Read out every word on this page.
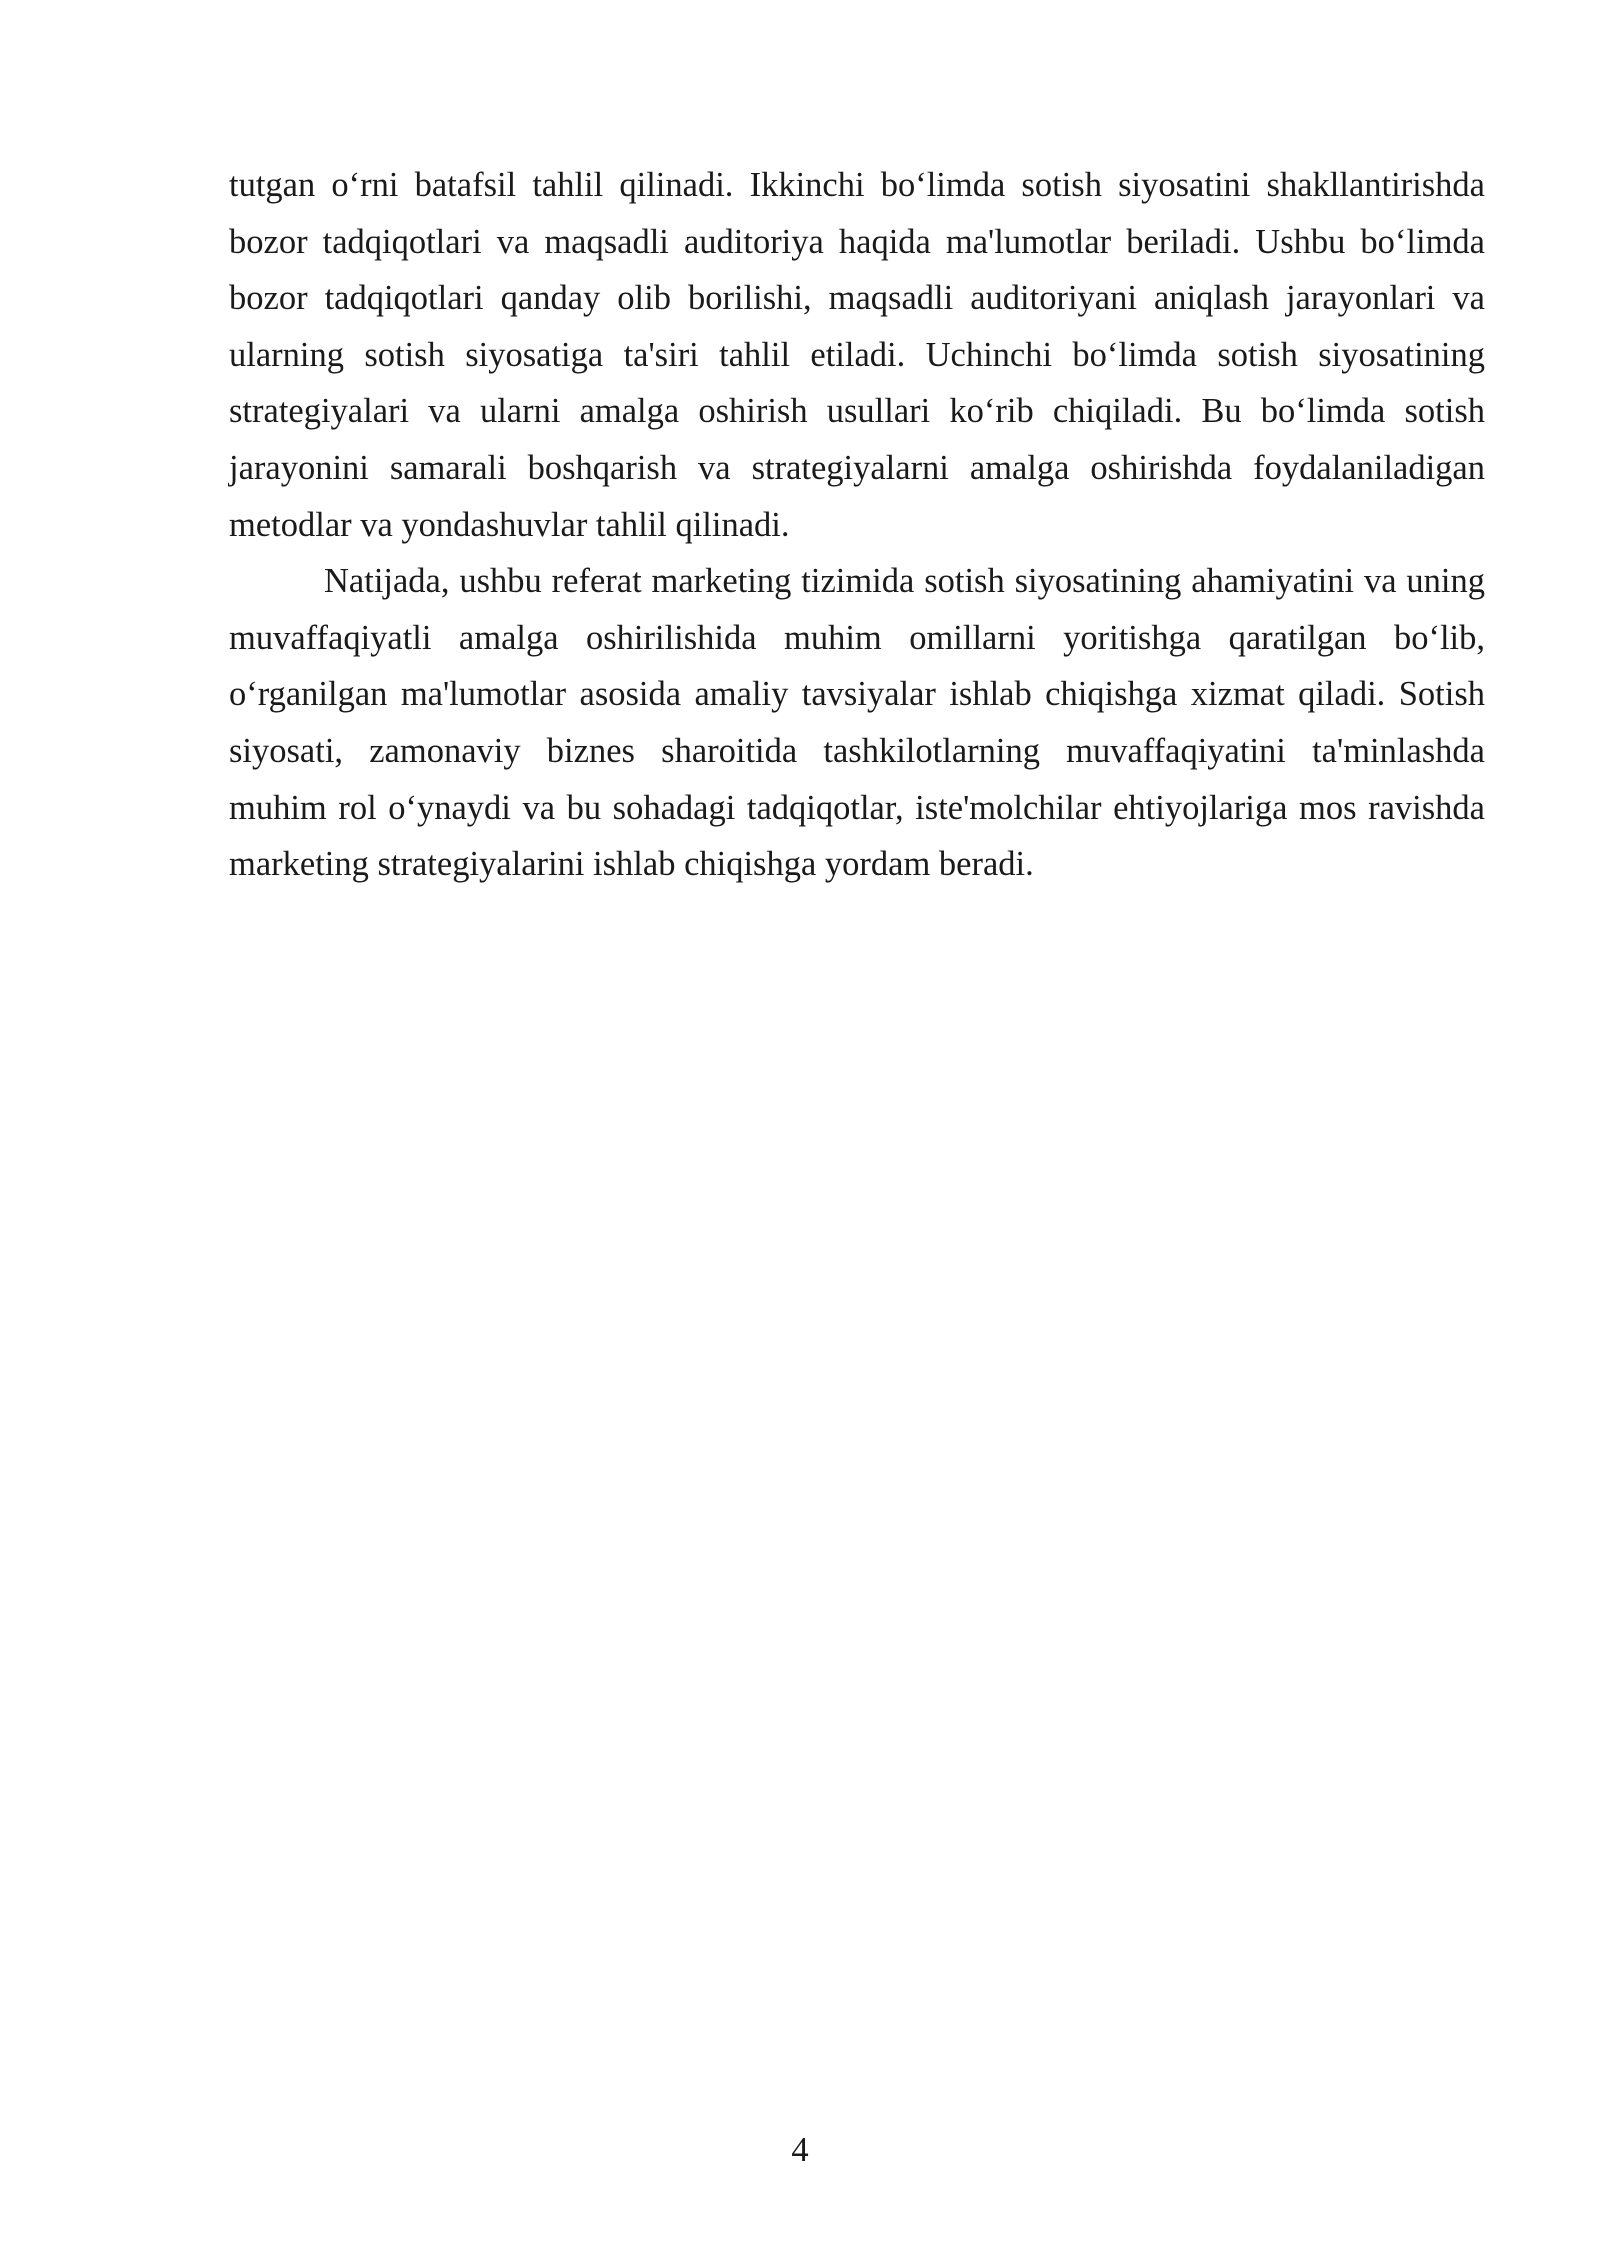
tutgan o‘rni batafsil tahlil qilinadi. Ikkinchi bo‘limda sotish siyosatini shakllantirishda bozor tadqiqotlari va maqsadli auditoriya haqida ma'lumotlar beriladi. Ushbu bo‘limda bozor tadqiqotlari qanday olib borilishi, maqsadli auditoriyani aniqlash jarayonlari va ularning sotish siyosatiga ta'siri tahlil etiladi. Uchinchi bo‘limda sotish siyosatining strategiyalari va ularni amalga oshirish usullari ko‘rib chiqiladi. Bu bo‘limda sotish jarayonini samarali boshqarish va strategiyalarni amalga oshirishda foydalaniladigan metodlar va yondashuvlar tahlil qilinadi.

Natijada, ushbu referat marketing tizimida sotish siyosatining ahamiyatini va uning muvaffaqiyatli amalga oshirilishida muhim omillarni yoritishga qaratilgan bo‘lib, o‘rganilgan ma'lumotlar asosida amaliy tavsiyalar ishlab chiqishga xizmat qiladi. Sotish siyosati, zamonaviy biznes sharoitida tashkilotlarning muvaffaqiyatini ta'minlashda muhim rol o‘ynaydi va bu sohadagi tadqiqotlar, iste'molchilar ehtiyojlariga mos ravishda marketing strategiyalarini ishlab chiqishga yordam beradi.

4
